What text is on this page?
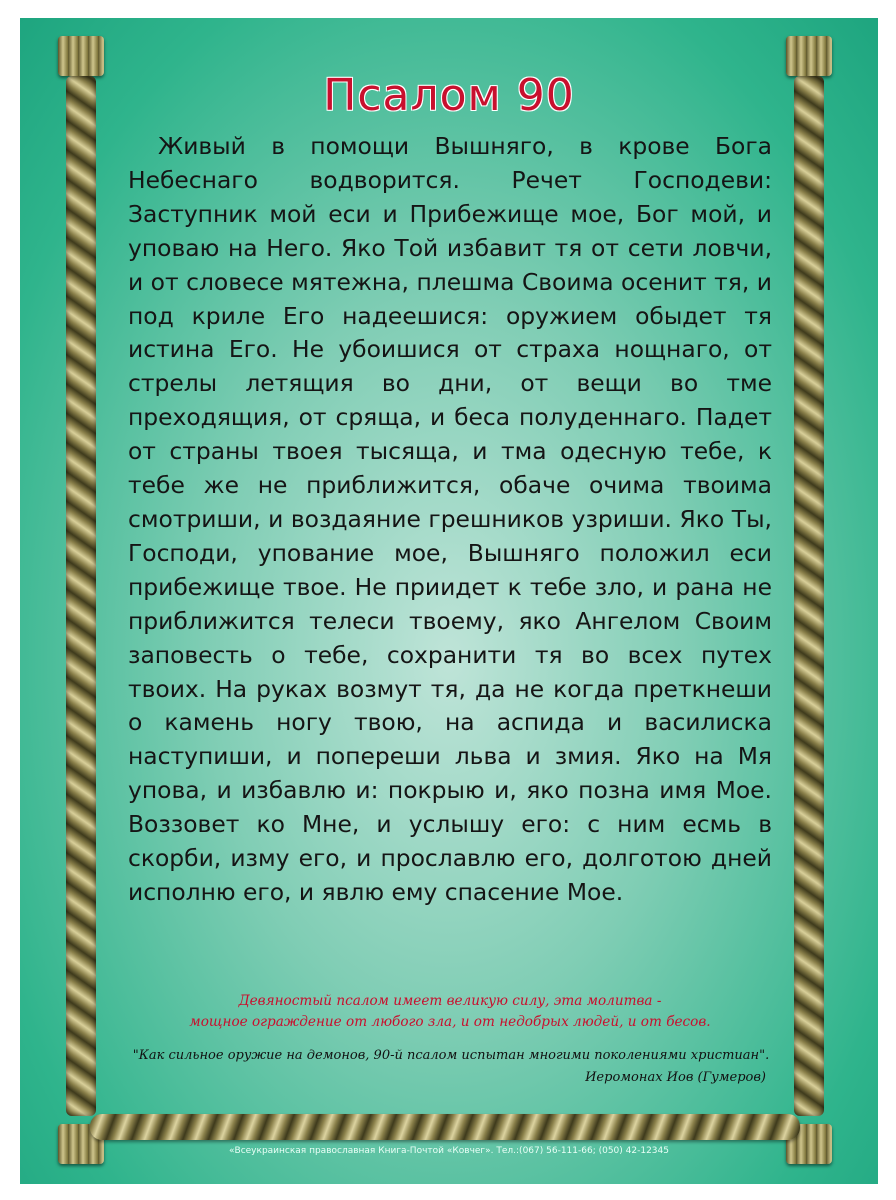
Псалом 90
Живый в помощи Вышняго, в крове Бога Небеснаго водворится. Речет Господеви: Заступник мой еси и Прибежище мое, Бог мой, и уповаю на Него. Яко Той избавит тя от сети ловчи, и от словесе мятежна, плешма Своима осенит тя, и под криле Его надеешися: оружием обыдет тя истина Его. Не убоишися от страха нощнаго, от стрелы летящия во дни, от вещи во тме преходящия, от сряща, и беса полуденнаго. Падет от страны твоея тысяща, и тма одесную тебе, к тебе же не приближится, обаче очима твоима смотриши, и воздаяние грешников узриши. Яко Ты, Господи, упование мое, Вышняго положил еси прибежище твое. Не приидет к тебе зло, и рана не приближится телеси твоему, яко Ангелом Своим заповесть о тебе, сохранити тя во всех путех твоих. На руках возмут тя, да не когда преткнеши о камень ногу твою, на аспида и василиска наступиши, и попереши льва и змия. Яко на Мя упова, и избавлю и: покрыю и, яко позна имя Мое. Воззовет ко Мне, и услышу его: с ним есмь в скорби, изму его, и прославлю его, долготою дней исполню его, и явлю ему спасение Мое.
Девяностый псалом имеет великую силу, эта молитва -
мощное ограждение от любого зла, и от недобрых людей, и от бесов.
"Как сильное оружие на демонов, 90-й псалом испытан многими поколениями христиан".
Иеромонах Иов (Гумеров)
«Всеукраинская православная Книга-Почтой «Ковчег». Тел.:(067) 56-111-66; (050) 42-12345
